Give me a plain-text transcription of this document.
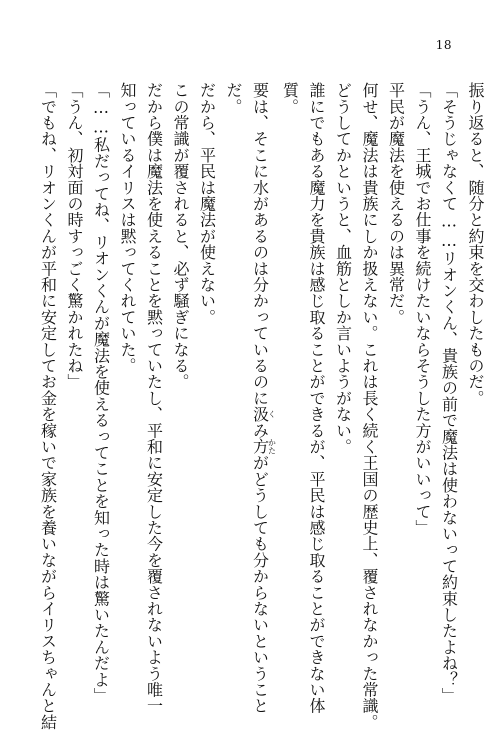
18
振り返ると、随分と約束を交わしたものだ。
「そうじゃなくて……リオンくん、貴族の前で魔法は使わないって約束したよね？」
「うん、王城でお仕事を続けたいならそうした方がいいって」
平民が魔法を使えるのは異常だ。
何せ、魔法は貴族にしか扱えない。これは長く続く王国の歴史上、覆されなかった常識。
どうしてかというと、血筋としか言いようがない。
誰にでもある魔力を貴族は感じ取ることができるが、平民は感じ取ることができない体
質。
要は、そこに水があるのは分かっているのに汲くみ方かたがどうしても分からないということ
だ。
だから、平民は魔法が使えない。
この常識が覆されると、必ず騒ぎになる。
だから僕は魔法を使えることを黙っていたし、平和に安定した今を覆されないよう唯一
知っているイリスは黙ってくれていた。
「……私だってね、リオンくんが魔法を使えるってことを知った時は驚いたんだよ」
「うん、初対面の時すっごく驚かれたね」
「でもね、リオンくんが平和に安定してお金を稼いで家族を養いながらイリスちゃんと結
